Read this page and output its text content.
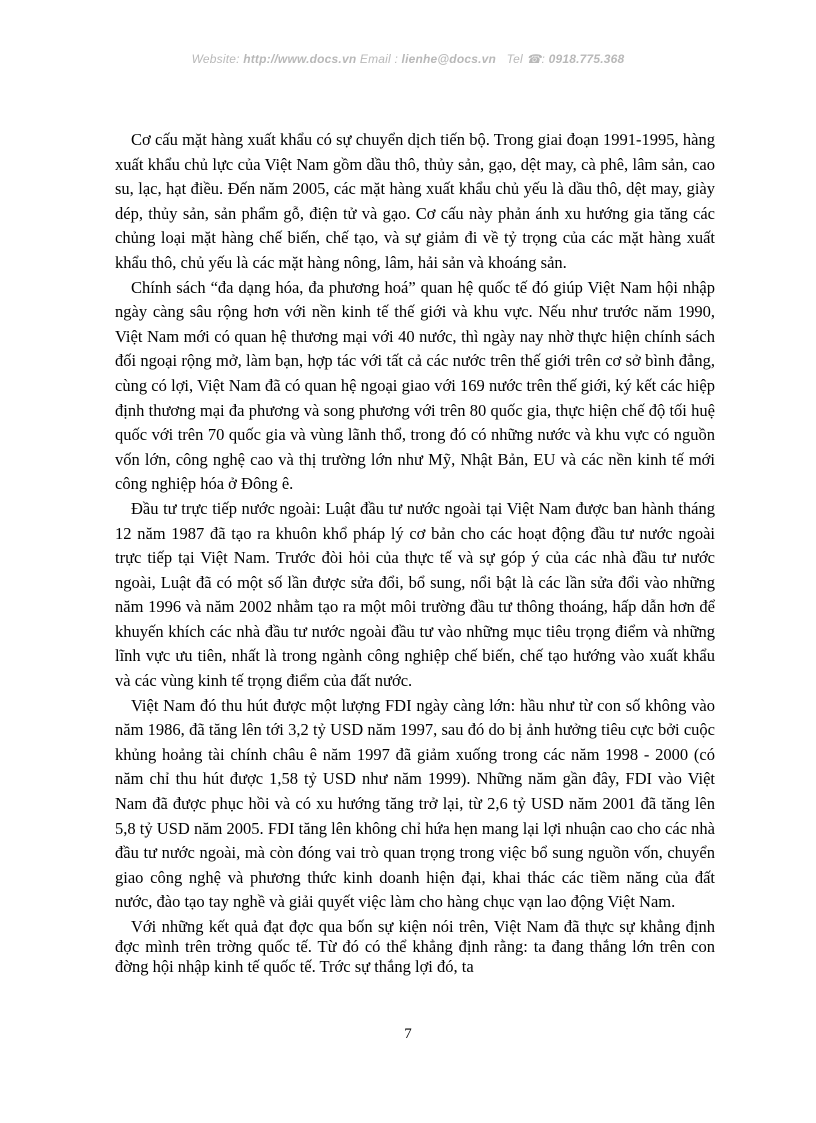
Website: http://www.docs.vn Email : lienhe@docs.vn Tel ☎: 0918.775.368

Cơ cấu mặt hàng xuất khẩu có sự chuyển dịch tiến bộ. Trong giai đoạn 1991-1995, hàng xuất khẩu chủ lực của Việt Nam gồm dầu thô, thủy sản, gạo, dệt may, cà phê, lâm sản, cao su, lạc, hạt điều. Đến năm 2005, các mặt hàng xuất khẩu chủ yếu là dầu thô, dệt may, giày dép, thủy sản, sản phẩm gỗ, điện tử và gạo. Cơ cấu này phản ánh xu hướng gia tăng các chủng loại mặt hàng chế biến, chế tạo, và sự giảm đi về tỷ trọng của các mặt hàng xuất khẩu thô, chủ yếu là các mặt hàng nông, lâm, hải sản và khoáng sản.

Chính sách “đa dạng hóa, đa phương hoá” quan hệ quốc tế đó giúp Việt Nam hội nhập ngày càng sâu rộng hơn với nền kinh tế thế giới và khu vực. Nếu như trước năm 1990, Việt Nam mới có quan hệ thương mại với 40 nước, thì ngày nay nhờ thực hiện chính sách đối ngoại rộng mở, làm bạn, hợp tác với tất cả các nước trên thế giới trên cơ sở bình đẳng, cùng có lợi, Việt Nam đã có quan hệ ngoại giao với 169 nước trên thế giới, ký kết các hiệp định thương mại đa phương và song phương với trên 80 quốc gia, thực hiện chế độ tối huệ quốc với trên 70 quốc gia và vùng lãnh thổ, trong đó có những nước và khu vực có nguồn vốn lớn, công nghệ cao và thị trường lớn như Mỹ, Nhật Bản, EU và các nền kinh tế mới công nghiệp hóa ở Đông ê.

Đầu tư trực tiếp nước ngoài: Luật đầu tư nước ngoài tại Việt Nam được ban hành tháng 12 năm 1987 đã tạo ra khuôn khổ pháp lý cơ bản cho các hoạt động đầu tư nước ngoài trực tiếp tại Việt Nam. Trước đòi hỏi của thực tế và sự góp ý của các nhà đầu tư nước ngoài, Luật đã có một số lần được sửa đổi, bổ sung, nổi bật là các lần sửa đổi vào những năm 1996 và năm 2002 nhằm tạo ra một môi trường đầu tư thông thoáng, hấp dẫn hơn để khuyến khích các nhà đầu tư nước ngoài đầu tư vào những mục tiêu trọng điểm và những lĩnh vực ưu tiên, nhất là trong ngành công nghiệp chế biến, chế tạo hướng vào xuất khẩu và các vùng kinh tế trọng điểm của đất nước.

Việt Nam đó thu hút được một lượng FDI ngày càng lớn: hầu như từ con số không vào năm 1986, đã tăng lên tới 3,2 tỷ USD năm 1997, sau đó do bị ảnh hưởng tiêu cực bởi cuộc khủng hoảng tài chính châu ê năm 1997 đã giảm xuống trong các năm 1998 - 2000 (có năm chỉ thu hút được 1,58 tỷ USD như năm 1999). Những năm gần đây, FDI vào Việt Nam đã được phục hồi và có xu hướng tăng trở lại, từ 2,6 tỷ USD năm 2001 đã tăng lên 5,8 tỷ USD năm 2005. FDI tăng lên không chỉ hứa hẹn mang lại lợi nhuận cao cho các nhà đầu tư nước ngoài, mà còn đóng vai trò quan trọng trong việc bổ sung nguồn vốn, chuyển giao công nghệ và phương thức kinh doanh hiện đại, khai thác các tiềm năng của đất nước, đào tạo tay nghề và giải quyết việc làm cho hàng chục vạn lao động Việt Nam.

Với những kết quả đạt đợc qua bốn sự kiện nói trên, Việt Nam đã thực sự khẳng định đợc mình trên trờng quốc tế. Từ đó có thể khẳng định rằng: ta đang thắng lớn trên con đờng hội nhập kinh tế quốc tế. Trớc sự thắng lợi đó, ta

7
